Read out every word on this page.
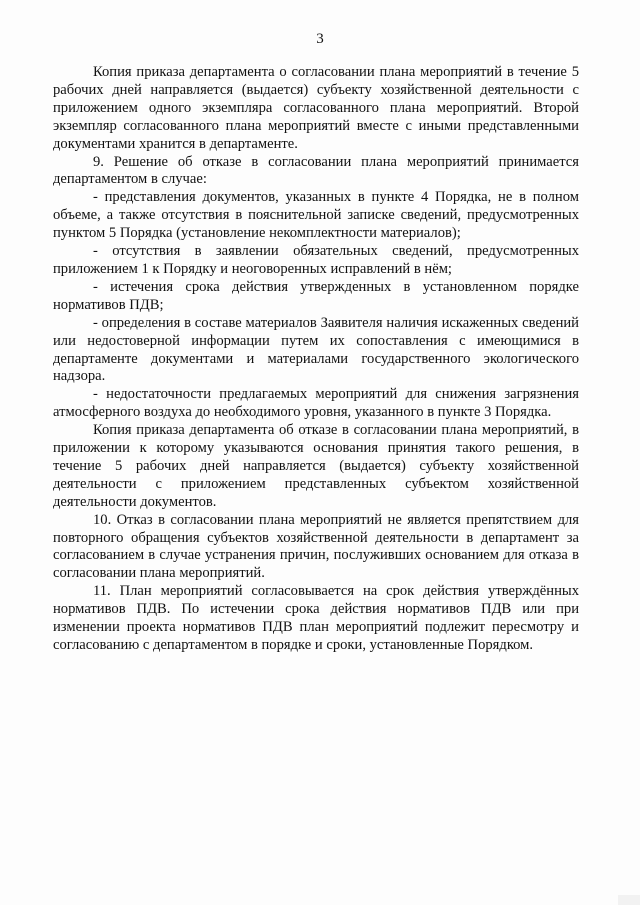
3

Копия приказа департамента о согласовании плана мероприятий в течение 5 рабочих дней направляется (выдается) субъекту хозяйственной деятельности с приложением одного экземпляра согласованного плана мероприятий. Второй экземпляр согласованного плана мероприятий вместе с иными представленными документами хранится в департаменте.

9. Решение об отказе в согласовании плана мероприятий принимается департаментом в случае:

- представления документов, указанных в пункте 4 Порядка, не в полном объеме, а также отсутствия в пояснительной записке сведений, предусмотренных пунктом 5 Порядка (установление некомплектности материалов);

- отсутствия в заявлении обязательных сведений, предусмотренных приложением 1 к Порядку и неоговоренных исправлений в нём;

- истечения срока действия утвержденных в установленном порядке нормативов ПДВ;

- определения в составе материалов Заявителя наличия искаженных сведений или недостоверной информации путем их сопоставления с имеющимися в департаменте документами и материалами государственного экологического надзора.

- недостаточности предлагаемых мероприятий для снижения загрязнения атмосферного воздуха до необходимого уровня, указанного в пункте 3 Порядка.

Копия приказа департамента об отказе в согласовании плана мероприятий, в приложении к которому указываются основания принятия такого решения, в течение 5 рабочих дней направляется (выдается) субъекту хозяйственной деятельности с приложением представленных субъектом хозяйственной деятельности документов.

10. Отказ в согласовании плана мероприятий не является препятствием для повторного обращения субъектов хозяйственной деятельности в департамент за согласованием в случае устранения причин, послуживших основанием для отказа в согласовании плана мероприятий.

11. План мероприятий согласовывается на срок действия утверждённых нормативов ПДВ. По истечении срока действия нормативов ПДВ или при изменении проекта нормативов ПДВ план мероприятий подлежит пересмотру и согласованию с департаментом в порядке и сроки, установленные Порядком.
